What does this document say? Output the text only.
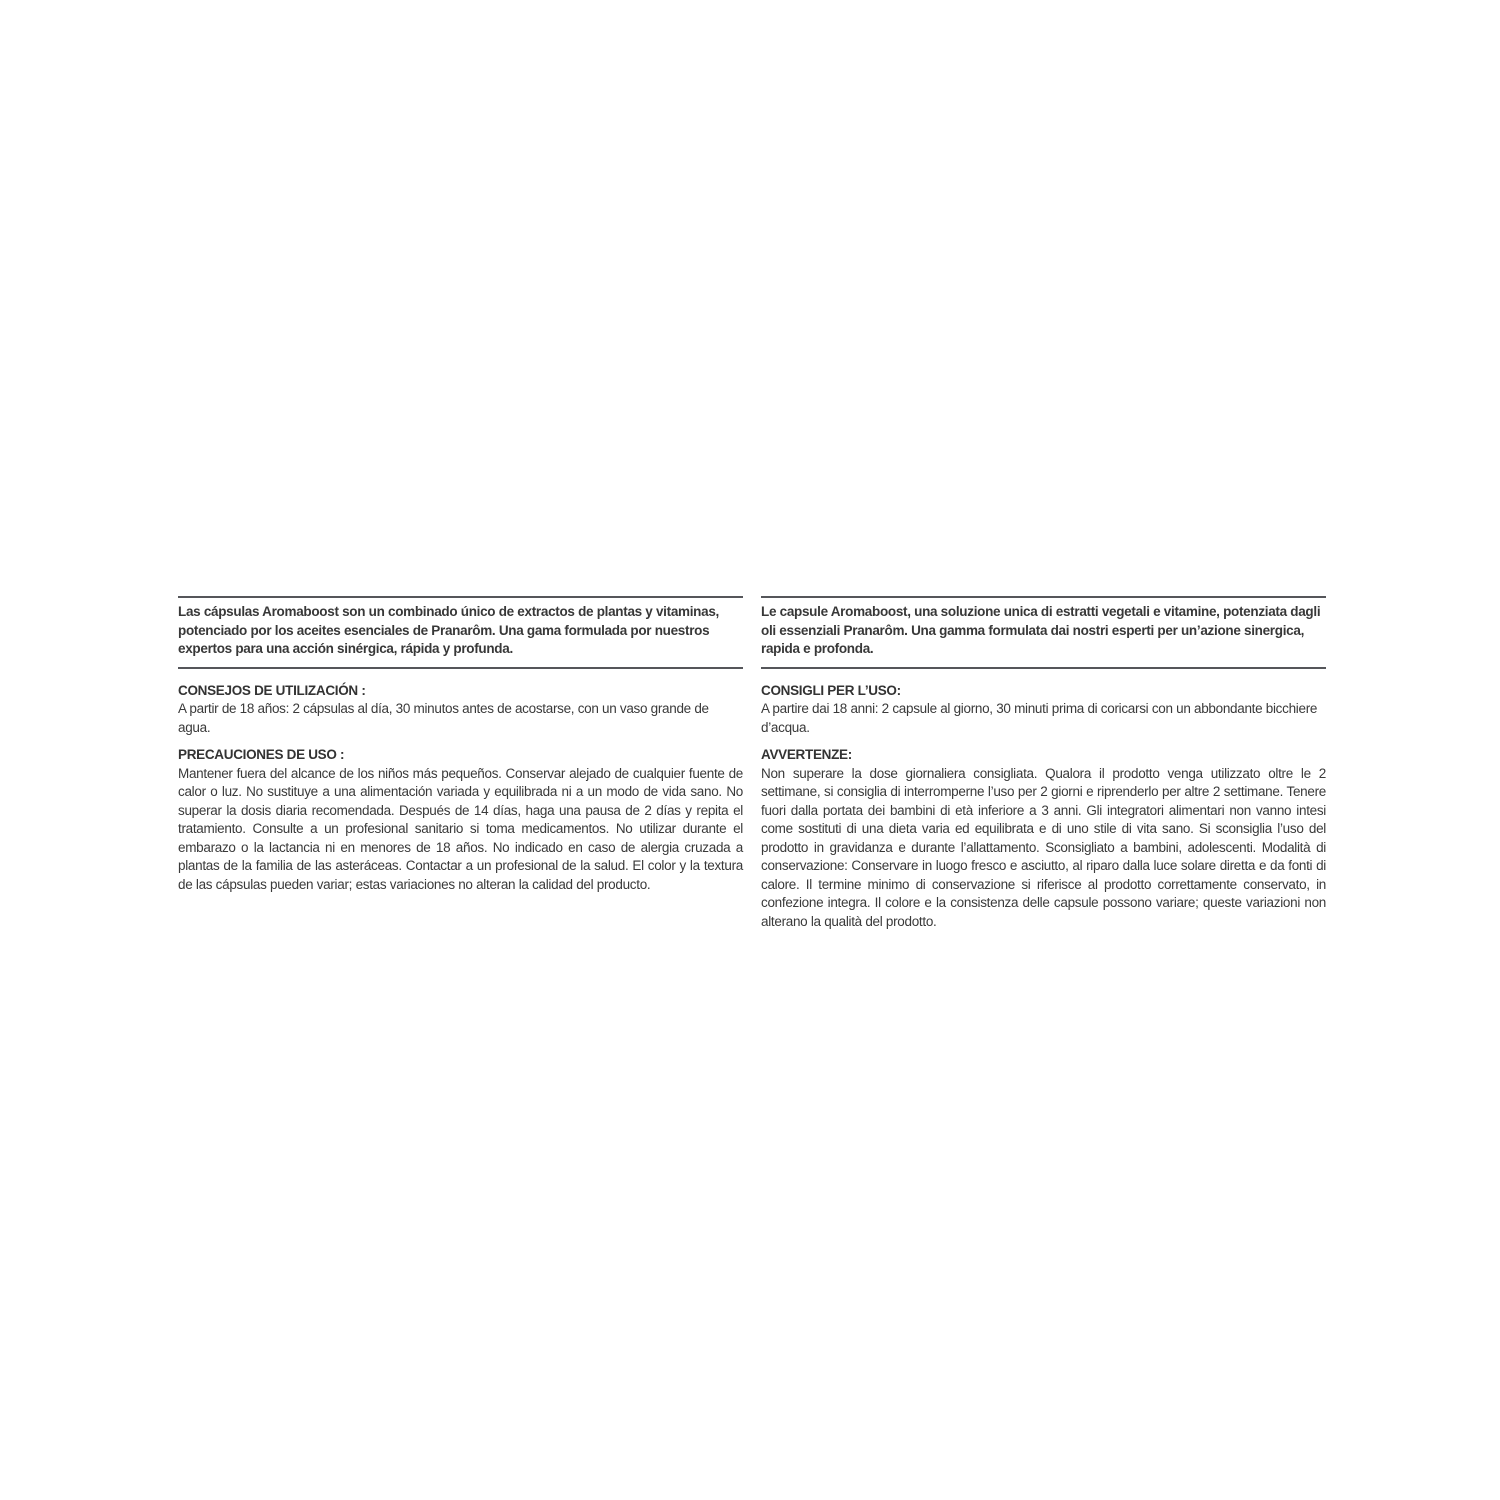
Las cápsulas Aromaboost son un combinado único de extractos de plantas y vitaminas, potenciado por los aceites esenciales de Pranarôm. Una gama formulada por nuestros expertos para una acción sinérgica, rápida y profunda.

CONSEJOS DE UTILIZACIÓN :

A partir de 18 años: 2 cápsulas al día, 30 minutos antes de acostarse, con un vaso grande de agua.

PRECAUCIONES DE USO :

Mantener fuera del alcance de los niños más pequeños. Conservar alejado de cualquier fuente de calor o luz. No sustituye a una alimentación variada y equilibrada ni a un modo de vida sano. No superar la dosis diaria recomendada. Después de 14 días, haga una pausa de 2 días y repita el tratamiento. Consulte a un profesional sanitario si toma medicamentos. No utilizar durante el embarazo o la lactancia ni en menores de 18 años. No indicado en caso de alergia cruzada a plantas de la familia de las asteráceas. Contactar a un profesional de la salud. El color y la textura de las cápsulas pueden variar; estas variaciones no alteran la calidad del producto.

Le capsule Aromaboost, una soluzione unica di estratti vegetali e vitamine, potenziata dagli oli essenziali Pranarôm. Una gamma formulata dai nostri esperti per un’azione sinergica, rapida e profonda.

CONSIGLI PER L’USO:

A partire dai 18 anni: 2 capsule al giorno, 30 minuti prima di coricarsi con un abbondante bicchiere d’acqua.

AVVERTENZE:

Non superare la dose giornaliera consigliata. Qualora il prodotto venga utilizzato oltre le 2 settimane, si consiglia di interromperne l’uso per 2 giorni e riprenderlo per altre 2 settimane. Tenere fuori dalla portata dei bambini di età inferiore a 3 anni. Gli integratori alimentari non vanno intesi come sostituti di una dieta varia ed equilibrata e di uno stile di vita sano. Si sconsiglia l’uso del prodotto in gravidanza e durante l’allattamento. Sconsigliato a bambini, adolescenti. Modalità di conservazione: Conservare in luogo fresco e asciutto, al riparo dalla luce solare diretta e da fonti di calore. Il termine minimo di conservazione si riferisce al prodotto correttamente conservato, in confezione integra. Il colore e la consistenza delle capsule possono variare; queste variazioni non alterano la qualità del prodotto.
